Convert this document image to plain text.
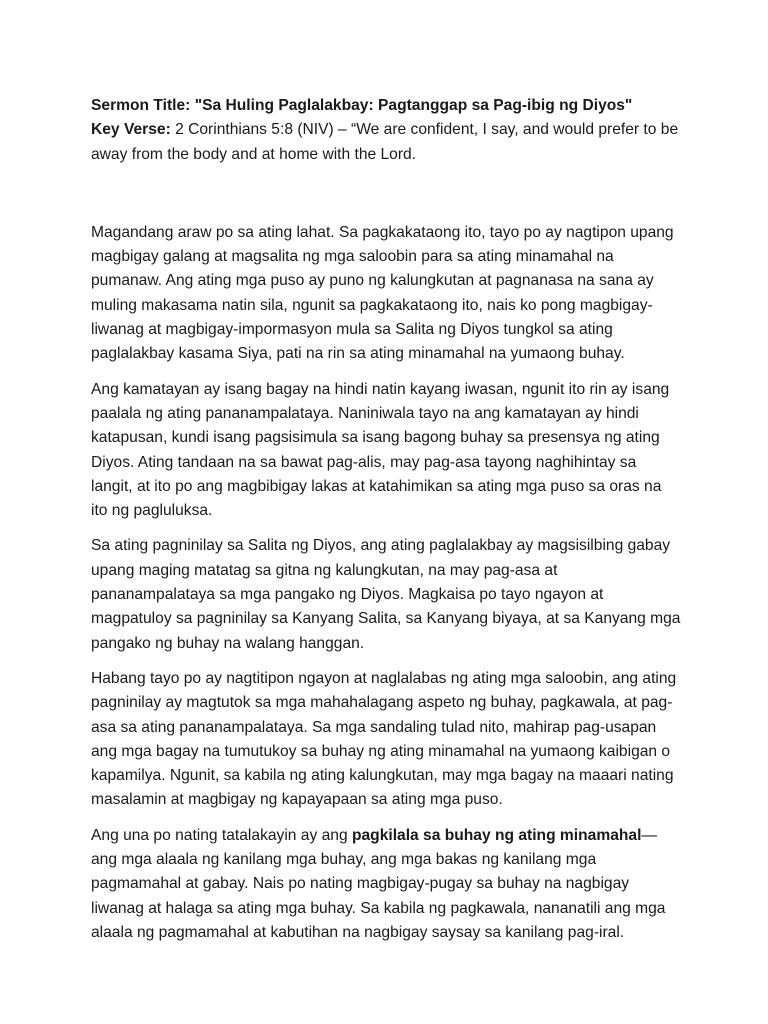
Sermon Title: "Sa Huling Paglalakbay: Pagtanggap sa Pag-ibig ng Diyos"

Key Verse: 2 Corinthians 5:8 (NIV) – “We are confident, I say, and would prefer to be away from the body and at home with the Lord.

Magandang araw po sa ating lahat. Sa pagkakataong ito, tayo po ay nagtipon upang magbigay galang at magsalita ng mga saloobin para sa ating minamahal na pumanaw. Ang ating mga puso ay puno ng kalungkutan at pagnanasa na sana ay muling makasama natin sila, ngunit sa pagkakataong ito, nais ko pong magbigay-liwanag at magbigay-impormasyon mula sa Salita ng Diyos tungkol sa ating paglalakbay kasama Siya, pati na rin sa ating minamahal na yumaong buhay.

Ang kamatayan ay isang bagay na hindi natin kayang iwasan, ngunit ito rin ay isang paalala ng ating pananampalataya. Naniniwala tayo na ang kamatayan ay hindi katapusan, kundi isang pagsisimula sa isang bagong buhay sa presensya ng ating Diyos. Ating tandaan na sa bawat pag-alis, may pag-asa tayong naghihintay sa langit, at ito po ang magbibigay lakas at katahimikan sa ating mga puso sa oras na ito ng pagluluksa.

Sa ating pagninilay sa Salita ng Diyos, ang ating paglalakbay ay magsisilbing gabay upang maging matatag sa gitna ng kalungkutan, na may pag-asa at pananampalataya sa mga pangako ng Diyos. Magkaisa po tayo ngayon at magpatuloy sa pagninilay sa Kanyang Salita, sa Kanyang biyaya, at sa Kanyang mga pangako ng buhay na walang hanggan.

Habang tayo po ay nagtitipon ngayon at naglalabas ng ating mga saloobin, ang ating pagninilay ay magtutok sa mga mahahalagang aspeto ng buhay, pagkawala, at pag-asa sa ating pananampalataya. Sa mga sandaling tulad nito, mahirap pag-usapan ang mga bagay na tumutukoy sa buhay ng ating minamahal na yumaong kaibigan o kapamilya. Ngunit, sa kabila ng ating kalungkutan, may mga bagay na maaari nating masalamin at magbigay ng kapayapaan sa ating mga puso.

Ang una po nating tatalakayin ay ang pagkilala sa buhay ng ating minamahal— ang mga alaala ng kanilang mga buhay, ang mga bakas ng kanilang mga pagmamahal at gabay. Nais po nating magbigay-pugay sa buhay na nagbigay liwanag at halaga sa ating mga buhay. Sa kabila ng pagkawala, nananatili ang mga alaala ng pagmamahal at kabutihan na nagbigay saysay sa kanilang pag-iral.
